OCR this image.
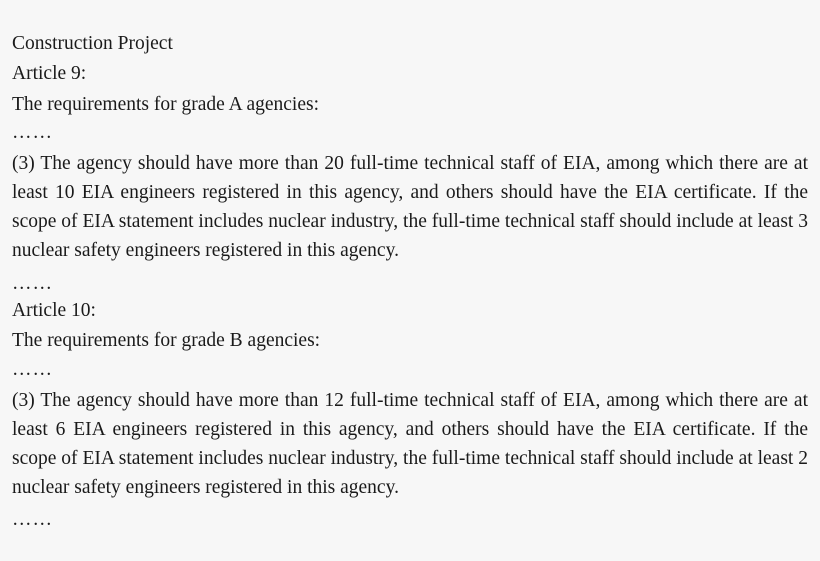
Construction Project

Article 9:

The requirements for grade A agencies:

……

(3) The agency should have more than 20 full-time technical staff of EIA, among which there are at least 10 EIA engineers registered in this agency, and others should have the EIA certificate. If the scope of EIA statement includes nuclear industry, the full-time technical staff should include at least 3 nuclear safety engineers registered in this agency.

……

Article 10:

The requirements for grade B agencies:

……

(3) The agency should have more than 12 full-time technical staff of EIA, among which there are at least 6 EIA engineers registered in this agency, and others should have the EIA certificate. If the scope of EIA statement includes nuclear industry, the full-time technical staff should include at least 2 nuclear safety engineers registered in this agency.

……
